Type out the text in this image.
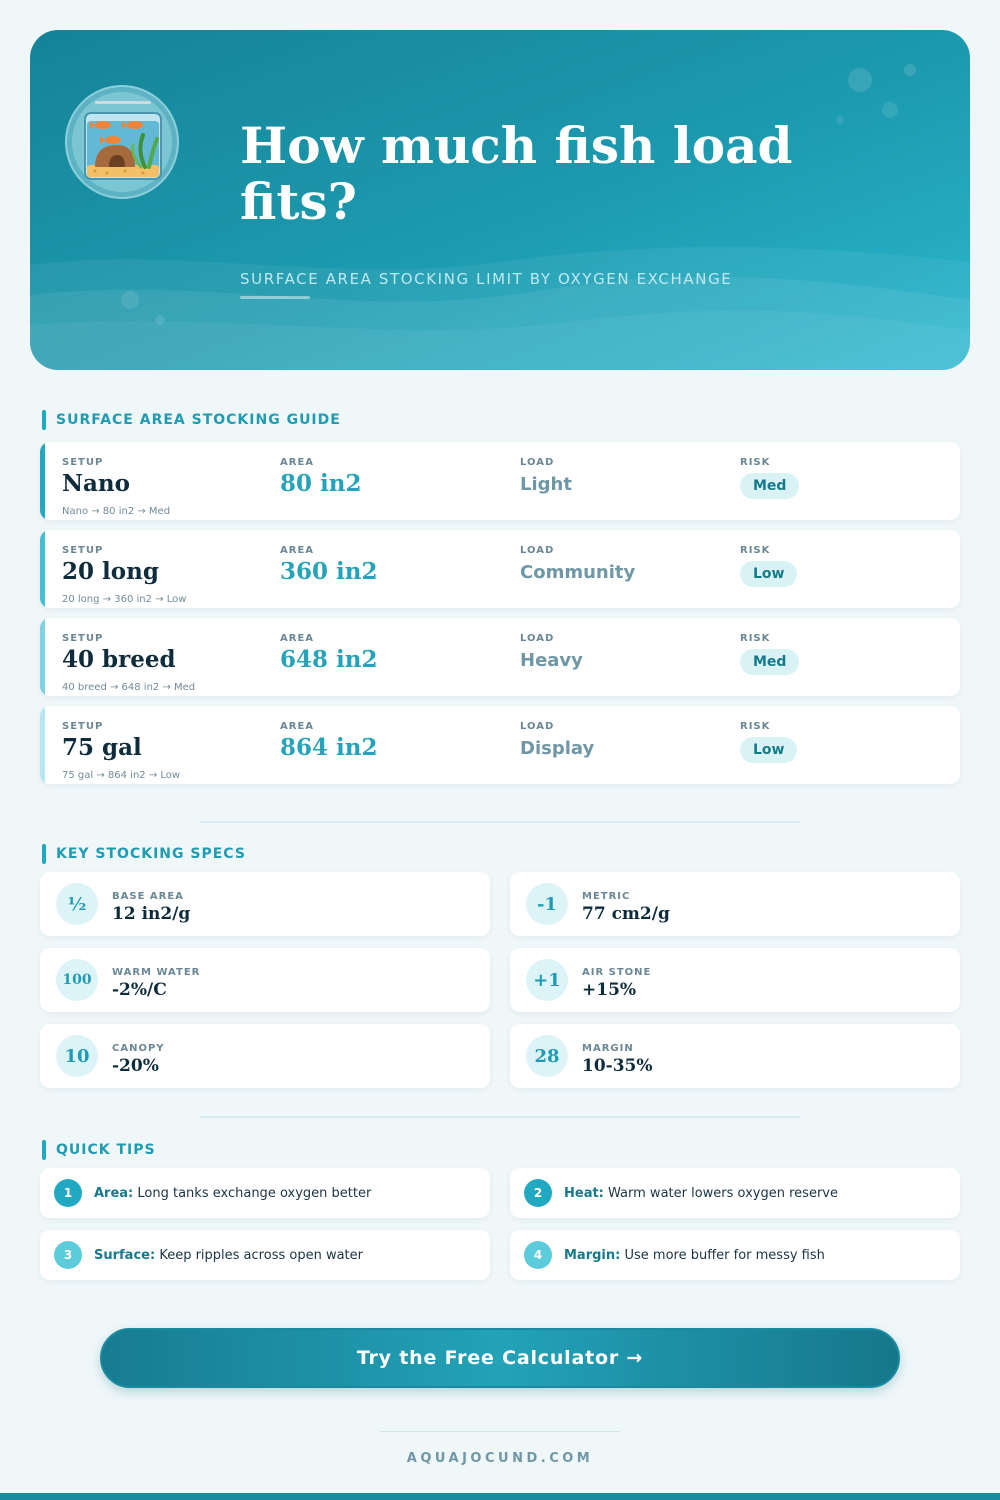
How much fish load fits?
SURFACE AREA STOCKING LIMIT BY OXYGEN EXCHANGE
SURFACE AREA STOCKING GUIDE
SETUP
Nano
AREA
80 in2
LOAD
Light
RISK
Med
Nano → 80 in2 → Med
SETUP
20 long
AREA
360 in2
LOAD
Community
RISK
Low
20 long → 360 in2 → Low
SETUP
40 breed
AREA
648 in2
LOAD
Heavy
RISK
Med
40 breed → 648 in2 → Med
SETUP
75 gal
AREA
864 in2
LOAD
Display
RISK
Low
75 gal → 864 in2 → Low
KEY STOCKING SPECS
½	BASE AREA
12 in2/g	-1	METRIC
77 cm2/g
100	WARM WATER
-2%/C	+1	AIR STONE
+15%
10	CANOPY
-20%	28	MARGIN
10-35%
QUICK TIPS
1	Area: Long tanks exchange oxygen better	2	Heat: Warm water lowers oxygen reserve
3	Surface: Keep ripples across open water	4	Margin: Use more buffer for messy fish
Try the Free Calculator →
AQUAJOCUND.COM
